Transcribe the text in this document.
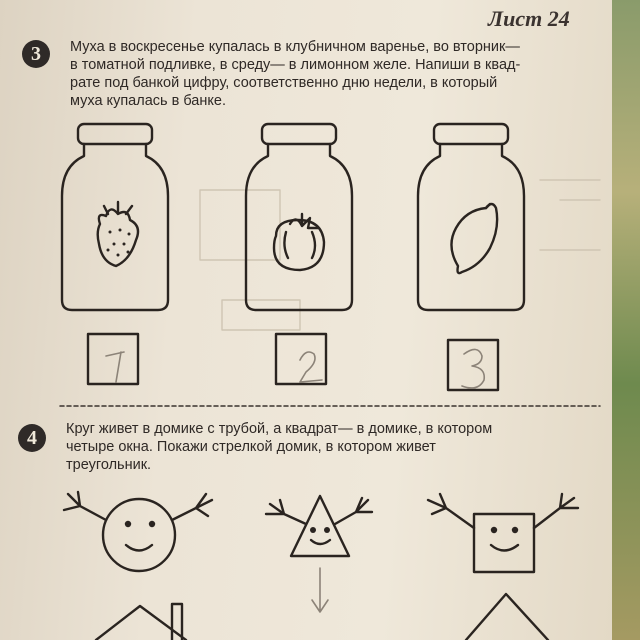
Лист 24
3	Муха в воскресенье купалась в клубничном варенье, во вторник—
в томатной подливке, в среду— в лимонном желе. Напиши в квад-
рате под банкой цифру, соответственно дню недели, в который
муха купалась в банке.
4	Круг живет в домике с трубой, а квадрат— в домике, в котором
четыре окна. Покажи стрелкой домик, в котором живет
треугольник.
